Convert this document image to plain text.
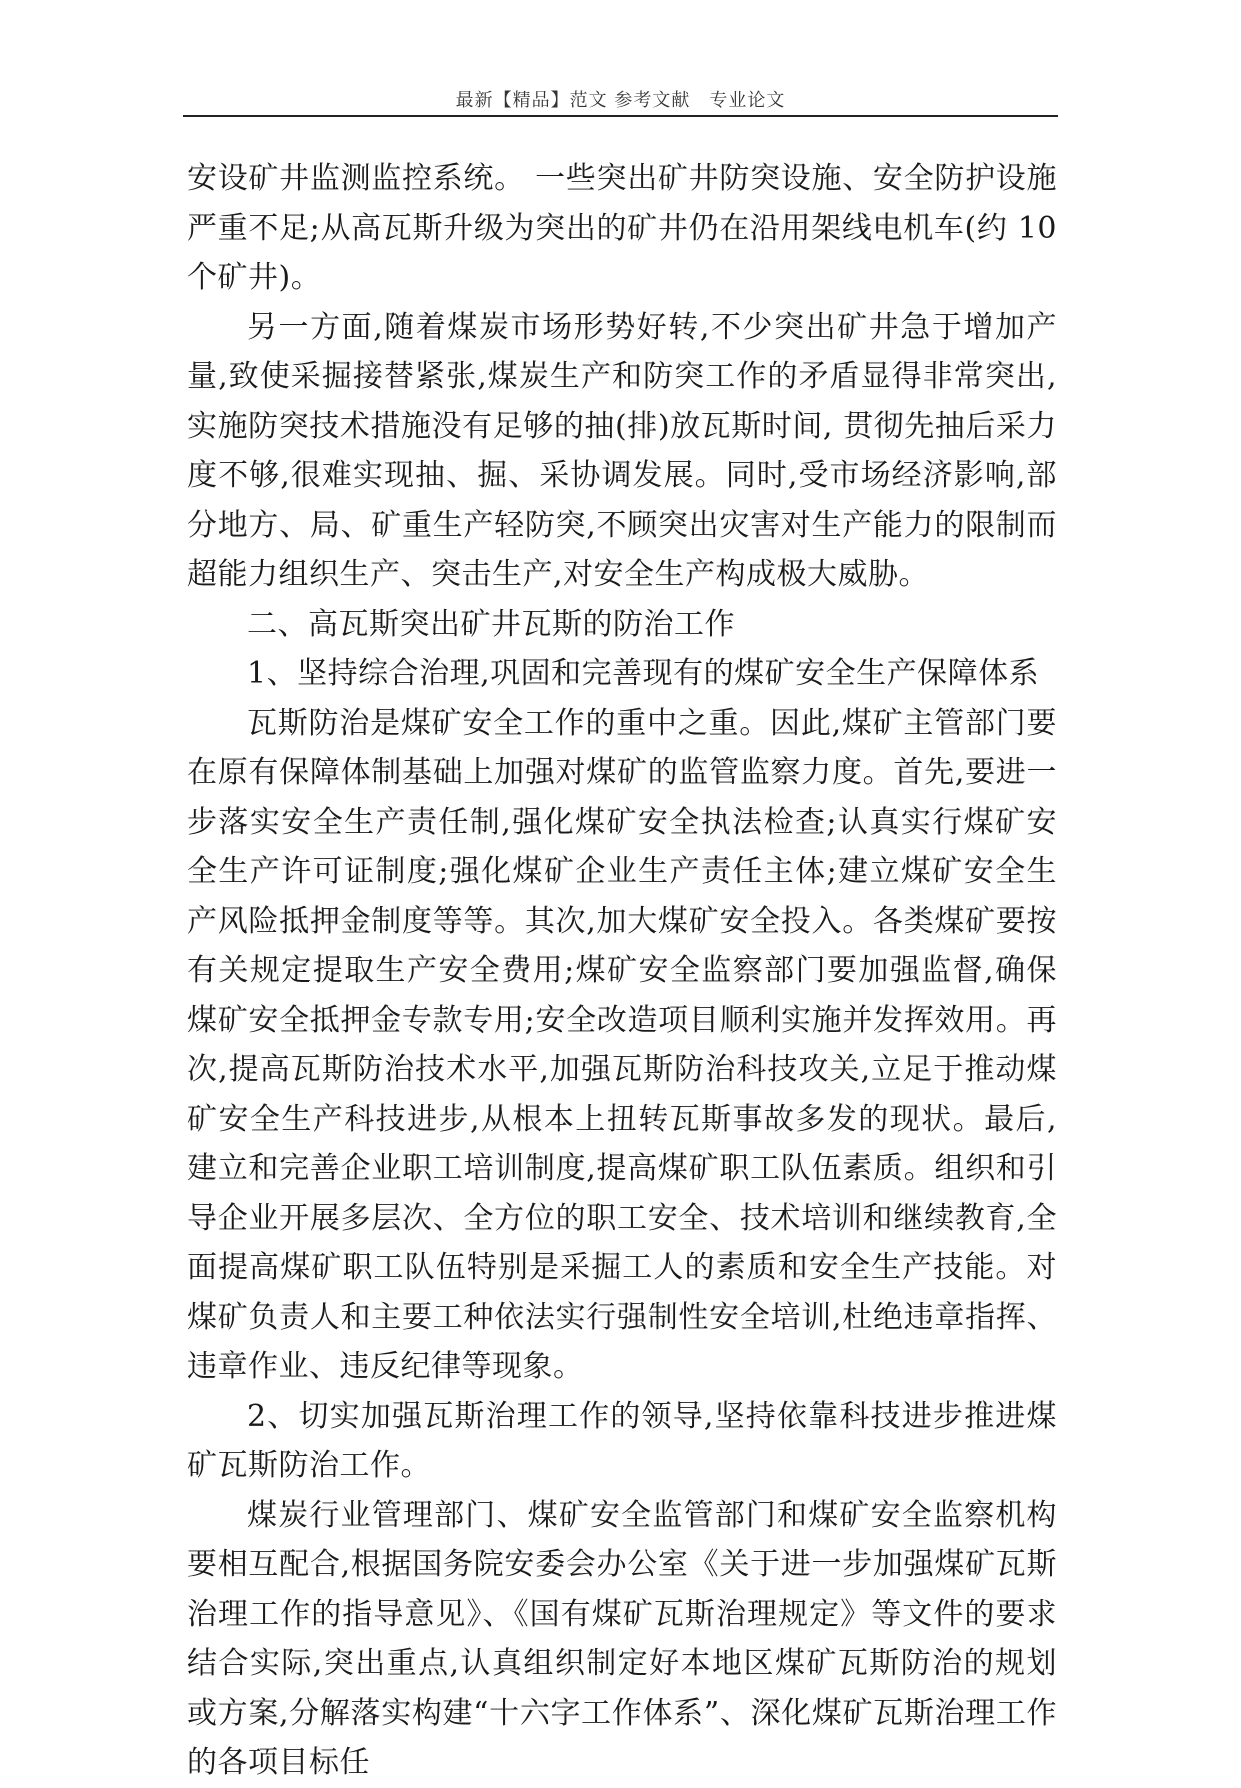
最新【精品】范文 参考文献　专业论文

安设矿井监测监控系统。 一些突出矿井防突设施、安全防护设施严重不足;从高瓦斯升级为突出的矿井仍在沿用架线电机车(约 10 个矿井)。

另一方面,随着煤炭市场形势好转,不少突出矿井急于增加产量,致使采掘接替紧张,煤炭生产和防突工作的矛盾显得非常突出,实施防突技术措施没有足够的抽(排)放瓦斯时间, 贯彻先抽后采力度不够,很难实现抽、掘、采协调发展。同时,受市场经济影响,部分地方、局、矿重生产轻防突,不顾突出灾害对生产能力的限制而超能力组织生产、突击生产,对安全生产构成极大威胁。

二、高瓦斯突出矿井瓦斯的防治工作

1、坚持综合治理,巩固和完善现有的煤矿安全生产保障体系

瓦斯防治是煤矿安全工作的重中之重。因此,煤矿主管部门要在原有保障体制基础上加强对煤矿的监管监察力度。首先,要进一步落实安全生产责任制,强化煤矿安全执法检查;认真实行煤矿安全生产许可证制度;强化煤矿企业生产责任主体;建立煤矿安全生产风险抵押金制度等等。其次,加大煤矿安全投入。各类煤矿要按有关规定提取生产安全费用;煤矿安全监察部门要加强监督,确保煤矿安全抵押金专款专用;安全改造项目顺利实施并发挥效用。再次,提高瓦斯防治技术水平,加强瓦斯防治科技攻关,立足于推动煤矿安全生产科技进步,从根本上扭转瓦斯事故多发的现状。最后,建立和完善企业职工培训制度,提高煤矿职工队伍素质。组织和引导企业开展多层次、全方位的职工安全、技术培训和继续教育,全面提高煤矿职工队伍特别是采掘工人的素质和安全生产技能。对煤矿负责人和主要工种依法实行强制性安全培训,杜绝违章指挥、违章作业、违反纪律等现象。

2、切实加强瓦斯治理工作的领导,坚持依靠科技进步推进煤矿瓦斯防治工作。

煤炭行业管理部门、煤矿安全监管部门和煤矿安全监察机构要相互配合,根据国务院安委会办公室《关于进一步加强煤矿瓦斯治理工作的指导意见》、《国有煤矿瓦斯治理规定》等文件的要求结合实际,突出重点,认真组织制定好本地区煤矿瓦斯防治的规划或方案,分解落实构建“十六字工作体系”、深化煤矿瓦斯治理工作的各项目标任
